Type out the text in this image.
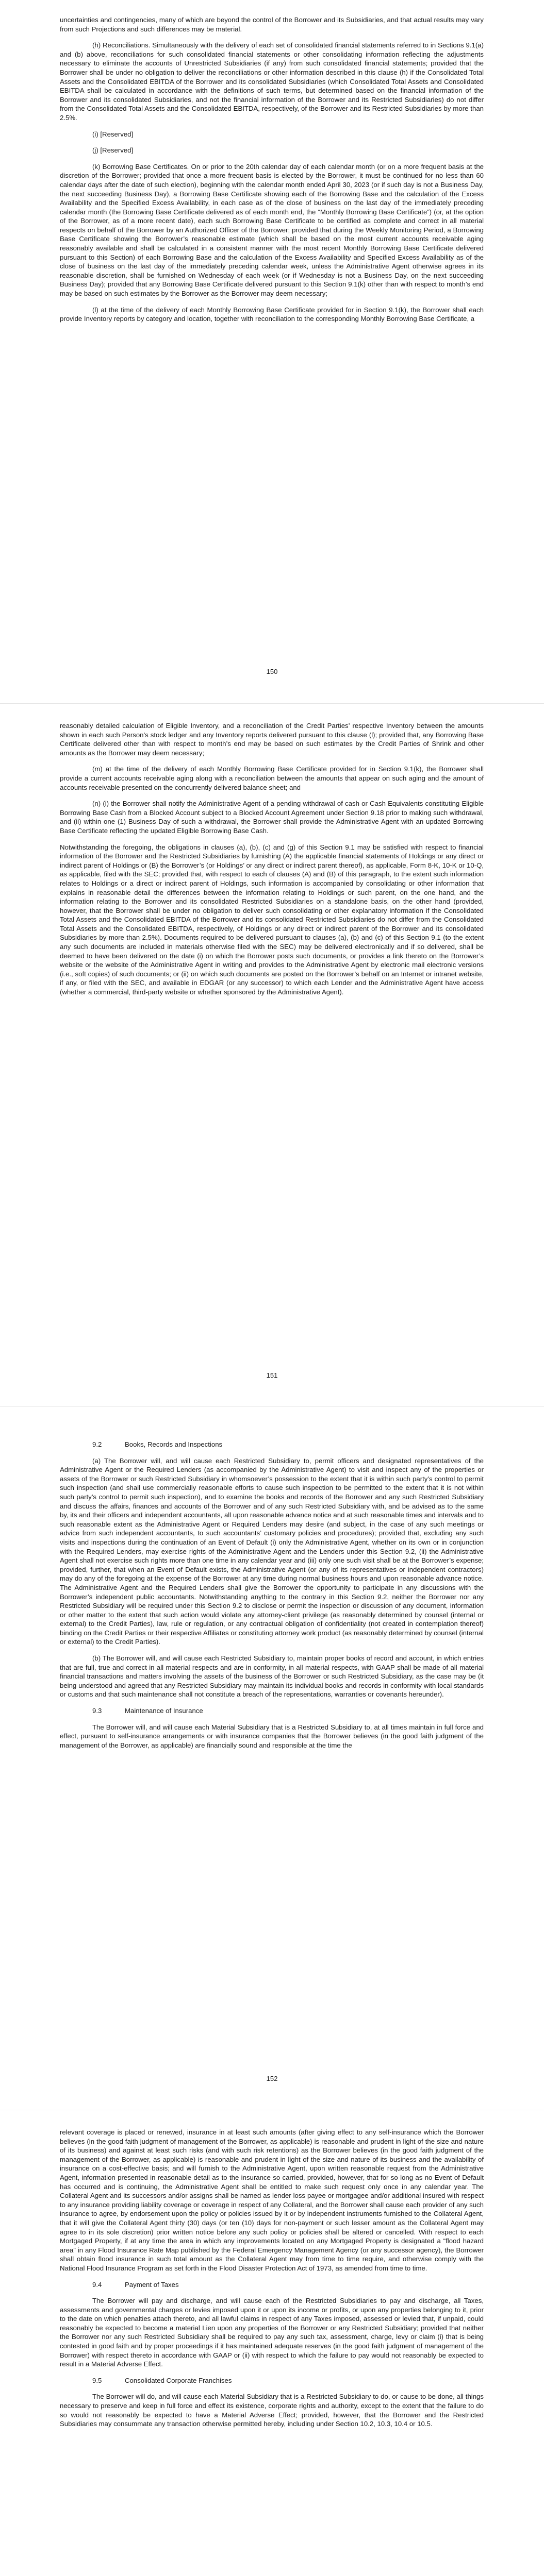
uncertainties and contingencies, many of which are beyond the control of the Borrower and its Subsidiaries, and that actual results may vary from such Projections and such differences may be material.

(h) Reconciliations. Simultaneously with the delivery of each set of consolidated financial statements referred to in Sections 9.1(a) and (b) above, reconciliations for such consolidated financial statements or other consolidating information reflecting the adjustments necessary to eliminate the accounts of Unrestricted Subsidiaries (if any) from such consolidated financial statements; provided that the Borrower shall be under no obligation to deliver the reconciliations or other information described in this clause (h) if the Consolidated Total Assets and the Consolidated EBITDA of the Borrower and its consolidated Subsidiaries (which Consolidated Total Assets and Consolidated EBITDA shall be calculated in accordance with the definitions of such terms, but determined based on the financial information of the Borrower and its consolidated Subsidiaries, and not the financial information of the Borrower and its Restricted Subsidiaries) do not differ from the Consolidated Total Assets and the Consolidated EBITDA, respectively, of the Borrower and its Restricted Subsidiaries by more than 2.5%.

(i) [Reserved]

(j) [Reserved]

(k) Borrowing Base Certificates. On or prior to the 20th calendar day of each calendar month (or on a more frequent basis at the discretion of the Borrower; provided that once a more frequent basis is elected by the Borrower, it must be continued for no less than 60 calendar days after the date of such election), beginning with the calendar month ended April 30, 2023 (or if such day is not a Business Day, the next succeeding Business Day), a Borrowing Base Certificate showing each of the Borrowing Base and the calculation of the Excess Availability and the Specified Excess Availability, in each case as of the close of business on the last day of the immediately preceding calendar month (the Borrowing Base Certificate delivered as of each month end, the “Monthly Borrowing Base Certificate”) (or, at the option of the Borrower, as of a more recent date), each such Borrowing Base Certificate to be certified as complete and correct in all material respects on behalf of the Borrower by an Authorized Officer of the Borrower; provided that during the Weekly Monitoring Period, a Borrowing Base Certificate showing the Borrower’s reasonable estimate (which shall be based on the most current accounts receivable aging reasonably available and shall be calculated in a consistent manner with the most recent Monthly Borrowing Base Certificate delivered pursuant to this Section) of each Borrowing Base and the calculation of the Excess Availability and Specified Excess Availability as of the close of business on the last day of the immediately preceding calendar week, unless the Administrative Agent otherwise agrees in its reasonable discretion, shall be furnished on Wednesday of each week (or if Wednesday is not a Business Day, on the next succeeding Business Day); provided that any Borrowing Base Certificate delivered pursuant to this Section 9.1(k) other than with respect to month’s end may be based on such estimates by the Borrower as the Borrower may deem necessary;

(l) at the time of the delivery of each Monthly Borrowing Base Certificate provided for in Section 9.1(k), the Borrower shall each provide Inventory reports by category and location, together with reconciliation to the corresponding Monthly Borrowing Base Certificate, a

150

reasonably detailed calculation of Eligible Inventory, and a reconciliation of the Credit Parties’ respective Inventory between the amounts shown in each such Person’s stock ledger and any Inventory reports delivered pursuant to this clause (l); provided that, any Borrowing Base Certificate delivered other than with respect to month’s end may be based on such estimates by the Credit Parties of Shrink and other amounts as the Borrower may deem necessary;

(m) at the time of the delivery of each Monthly Borrowing Base Certificate provided for in Section 9.1(k), the Borrower shall provide a current accounts receivable aging along with a reconciliation between the amounts that appear on such aging and the amount of accounts receivable presented on the concurrently delivered balance sheet; and

(n) (i) the Borrower shall notify the Administrative Agent of a pending withdrawal of cash or Cash Equivalents constituting Eligible Borrowing Base Cash from a Blocked Account subject to a Blocked Account Agreement under Section 9.18 prior to making such withdrawal, and (ii) within one (1) Business Day of such a withdrawal, the Borrower shall provide the Administrative Agent with an updated Borrowing Base Certificate reflecting the updated Eligible Borrowing Base Cash.

Notwithstanding the foregoing, the obligations in clauses (a), (b), (c) and (g) of this Section 9.1 may be satisfied with respect to financial information of the Borrower and the Restricted Subsidiaries by furnishing (A) the applicable financial statements of Holdings or any direct or indirect parent of Holdings or (B) the Borrower’s (or Holdings’ or any direct or indirect parent thereof), as applicable, Form 8-K, 10-K or 10-Q, as applicable, filed with the SEC; provided that, with respect to each of clauses (A) and (B) of this paragraph, to the extent such information relates to Holdings or a direct or indirect parent of Holdings, such information is accompanied by consolidating or other information that explains in reasonable detail the differences between the information relating to Holdings or such parent, on the one hand, and the information relating to the Borrower and its consolidated Restricted Subsidiaries on a standalone basis, on the other hand (provided, however, that the Borrower shall be under no obligation to deliver such consolidating or other explanatory information if the Consolidated Total Assets and the Consolidated EBITDA of the Borrower and its consolidated Restricted Subsidiaries do not differ from the Consolidated Total Assets and the Consolidated EBITDA, respectively, of Holdings or any direct or indirect parent of the Borrower and its consolidated Subsidiaries by more than 2.5%). Documents required to be delivered pursuant to clauses (a), (b) and (c) of this Section 9.1 (to the extent any such documents are included in materials otherwise filed with the SEC) may be delivered electronically and if so delivered, shall be deemed to have been delivered on the date (i) on which the Borrower posts such documents, or provides a link thereto on the Borrower’s website or the website of the Administrative Agent in writing and provides to the Administrative Agent by electronic mail electronic versions (i.e., soft copies) of such documents; or (ii) on which such documents are posted on the Borrower’s behalf on an Internet or intranet website, if any, or filed with the SEC, and available in EDGAR (or any successor) to which each Lender and the Administrative Agent have access (whether a commercial, third-party website or whether sponsored by the Administrative Agent).

151
9.2	Books, Records and Inspections

(a) The Borrower will, and will cause each Restricted Subsidiary to, permit officers and designated representatives of the Administrative Agent or the Required Lenders (as accompanied by the Administrative Agent) to visit and inspect any of the properties or assets of the Borrower or such Restricted Subsidiary in whomsoever’s possession to the extent that it is within such party’s control to permit such inspection (and shall use commercially reasonable efforts to cause such inspection to be permitted to the extent that it is not within such party’s control to permit such inspection), and to examine the books and records of the Borrower and any such Restricted Subsidiary and discuss the affairs, finances and accounts of the Borrower and of any such Restricted Subsidiary with, and be advised as to the same by, its and their officers and independent accountants, all upon reasonable advance notice and at such reasonable times and intervals and to such reasonable extent as the Administrative Agent or Required Lenders may desire (and subject, in the case of any such meetings or advice from such independent accountants, to such accountants’ customary policies and procedures); provided that, excluding any such visits and inspections during the continuation of an Event of Default (i) only the Administrative Agent, whether on its own or in conjunction with the Required Lenders, may exercise rights of the Administrative Agent and the Lenders under this Section 9.2, (ii) the Administrative Agent shall not exercise such rights more than one time in any calendar year and (iii) only one such visit shall be at the Borrower’s expense; provided, further, that when an Event of Default exists, the Administrative Agent (or any of its representatives or independent contractors) may do any of the foregoing at the expense of the Borrower at any time during normal business hours and upon reasonable advance notice. The Administrative Agent and the Required Lenders shall give the Borrower the opportunity to participate in any discussions with the Borrower’s independent public accountants. Notwithstanding anything to the contrary in this Section 9.2, neither the Borrower nor any Restricted Subsidiary will be required under this Section 9.2 to disclose or permit the inspection or discussion of any document, information or other matter to the extent that such action would violate any attorney-client privilege (as reasonably determined by counsel (internal or external) to the Credit Parties), law, rule or regulation, or any contractual obligation of confidentiality (not created in contemplation thereof) binding on the Credit Parties or their respective Affiliates or constituting attorney work product (as reasonably determined by counsel (internal or external) to the Credit Parties).

(b) The Borrower will, and will cause each Restricted Subsidiary to, maintain proper books of record and account, in which entries that are full, true and correct in all material respects and are in conformity, in all material respects, with GAAP shall be made of all material financial transactions and matters involving the assets of the business of the Borrower or such Restricted Subsidiary, as the case may be (it being understood and agreed that any Restricted Subsidiary may maintain its individual books and records in conformity with local standards or customs and that such maintenance shall not constitute a breach of the representations, warranties or covenants hereunder).

9.3	Maintenance of Insurance

The Borrower will, and will cause each Material Subsidiary that is a Restricted Subsidiary to, at all times maintain in full force and effect, pursuant to self-insurance arrangements or with insurance companies that the Borrower believes (in the good faith judgment of the management of the Borrower, as applicable) are financially sound and responsible at the time the

152

relevant coverage is placed or renewed, insurance in at least such amounts (after giving effect to any self-insurance which the Borrower believes (in the good faith judgment of management of the Borrower, as applicable) is reasonable and prudent in light of the size and nature of its business) and against at least such risks (and with such risk retentions) as the Borrower believes (in the good faith judgment of the management of the Borrower, as applicable) is reasonable and prudent in light of the size and nature of its business and the availability of insurance on a cost-effective basis; and will furnish to the Administrative Agent, upon written reasonable request from the Administrative Agent, information presented in reasonable detail as to the insurance so carried, provided, however, that for so long as no Event of Default has occurred and is continuing, the Administrative Agent shall be entitled to make such request only once in any calendar year. The Collateral Agent and its successors and/or assigns shall be named as lender loss payee or mortgagee and/or additional insured with respect to any insurance providing liability coverage or coverage in respect of any Collateral, and the Borrower shall cause each provider of any such insurance to agree, by endorsement upon the policy or policies issued by it or by independent instruments furnished to the Collateral Agent, that it will give the Collateral Agent thirty (30) days (or ten (10) days for non-payment or such lesser amount as the Collateral Agent may agree to in its sole discretion) prior written notice before any such policy or policies shall be altered or cancelled. With respect to each Mortgaged Property, if at any time the area in which any improvements located on any Mortgaged Property is designated a “flood hazard area” in any Flood Insurance Rate Map published by the Federal Emergency Management Agency (or any successor agency), the Borrower shall obtain flood insurance in such total amount as the Collateral Agent may from time to time require, and otherwise comply with the National Flood Insurance Program as set forth in the Flood Disaster Protection Act of 1973, as amended from time to time.

9.4	Payment of Taxes

The Borrower will pay and discharge, and will cause each of the Restricted Subsidiaries to pay and discharge, all Taxes, assessments and governmental charges or levies imposed upon it or upon its income or profits, or upon any properties belonging to it, prior to the date on which penalties attach thereto, and all lawful claims in respect of any Taxes imposed, assessed or levied that, if unpaid, could reasonably be expected to become a material Lien upon any properties of the Borrower or any Restricted Subsidiary; provided that neither the Borrower nor any such Restricted Subsidiary shall be required to pay any such tax, assessment, charge, levy or claim (i) that is being contested in good faith and by proper proceedings if it has maintained adequate reserves (in the good faith judgment of management of the Borrower) with respect thereto in accordance with GAAP or (ii) with respect to which the failure to pay would not reasonably be expected to result in a Material Adverse Effect.

9.5	Consolidated Corporate Franchises

The Borrower will do, and will cause each Material Subsidiary that is a Restricted Subsidiary to do, or cause to be done, all things necessary to preserve and keep in full force and effect its existence, corporate rights and authority, except to the extent that the failure to do so would not reasonably be expected to have a Material Adverse Effect; provided, however, that the Borrower and the Restricted Subsidiaries may consummate any transaction otherwise permitted hereby, including under Section 10.2, 10.3, 10.4 or 10.5.
